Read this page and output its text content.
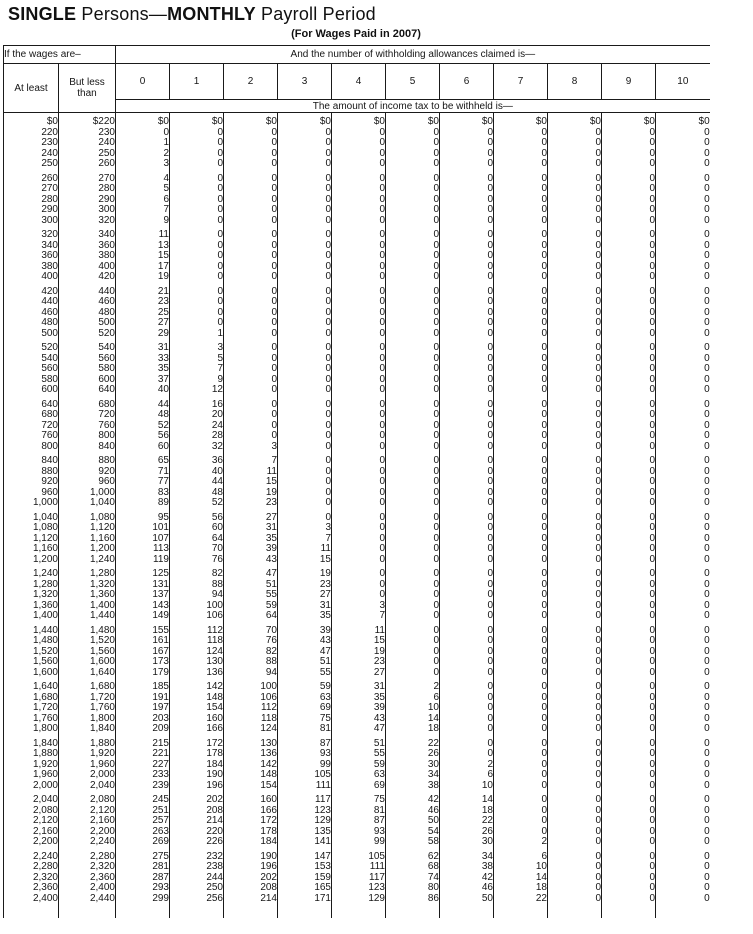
SINGLE Persons—MONTHLY Payroll Period
(For Wages Paid in 2007)
If the wages are–		And the number of withholding allowances claimed is—										
At least	But less than	0	1	2	3	4	5	6	7	8	9	10
		The amount of income tax to be withheld is—										
$0	$220	$0	$0	$0	$0	$0	$0	$0	$0	$0	$0	$0
220	230	0	0	0	0	0	0	0	0	0	0	0
230	240	1	0	0	0	0	0	0	0	0	0	0
240	250	2	0	0	0	0	0	0	0	0	0	0
250	260	3	0	0	0	0	0	0	0	0	0	0
260	270	4	0	0	0	0	0	0	0	0	0	0
270	280	5	0	0	0	0	0	0	0	0	0	0
280	290	6	0	0	0	0	0	0	0	0	0	0
290	300	7	0	0	0	0	0	0	0	0	0	0
300	320	9	0	0	0	0	0	0	0	0	0	0
320	340	11	0	0	0	0	0	0	0	0	0	0
340	360	13	0	0	0	0	0	0	0	0	0	0
360	380	15	0	0	0	0	0	0	0	0	0	0
380	400	17	0	0	0	0	0	0	0	0	0	0
400	420	19	0	0	0	0	0	0	0	0	0	0
420	440	21	0	0	0	0	0	0	0	0	0	0
440	460	23	0	0	0	0	0	0	0	0	0	0
460	480	25	0	0	0	0	0	0	0	0	0	0
480	500	27	0	0	0	0	0	0	0	0	0	0
500	520	29	1	0	0	0	0	0	0	0	0	0
520	540	31	3	0	0	0	0	0	0	0	0	0
540	560	33	5	0	0	0	0	0	0	0	0	0
560	580	35	7	0	0	0	0	0	0	0	0	0
580	600	37	9	0	0	0	0	0	0	0	0	0
600	640	40	12	0	0	0	0	0	0	0	0	0
640	680	44	16	0	0	0	0	0	0	0	0	0
680	720	48	20	0	0	0	0	0	0	0	0	0
720	760	52	24	0	0	0	0	0	0	0	0	0
760	800	56	28	0	0	0	0	0	0	0	0	0
800	840	60	32	3	0	0	0	0	0	0	0	0
840	880	65	36	7	0	0	0	0	0	0	0	0
880	920	71	40	11	0	0	0	0	0	0	0	0
920	960	77	44	15	0	0	0	0	0	0	0	0
960	1,000	83	48	19	0	0	0	0	0	0	0	0
1,000	1,040	89	52	23	0	0	0	0	0	0	0	0
1,040	1,080	95	56	27	0	0	0	0	0	0	0	0
1,080	1,120	101	60	31	3	0	0	0	0	0	0	0
1,120	1,160	107	64	35	7	0	0	0	0	0	0	0
1,160	1,200	113	70	39	11	0	0	0	0	0	0	0
1,200	1,240	119	76	43	15	0	0	0	0	0	0	0
1,240	1,280	125	82	47	19	0	0	0	0	0	0	0
1,280	1,320	131	88	51	23	0	0	0	0	0	0	0
1,320	1,360	137	94	55	27	0	0	0	0	0	0	0
1,360	1,400	143	100	59	31	3	0	0	0	0	0	0
1,400	1,440	149	106	64	35	7	0	0	0	0	0	0
1,440	1,480	155	112	70	39	11	0	0	0	0	0	0
1,480	1,520	161	118	76	43	15	0	0	0	0	0	0
1,520	1,560	167	124	82	47	19	0	0	0	0	0	0
1,560	1,600	173	130	88	51	23	0	0	0	0	0	0
1,600	1,640	179	136	94	55	27	0	0	0	0	0	0
1,640	1,680	185	142	100	59	31	2	0	0	0	0	0
1,680	1,720	191	148	106	63	35	6	0	0	0	0	0
1,720	1,760	197	154	112	69	39	10	0	0	0	0	0
1,760	1,800	203	160	118	75	43	14	0	0	0	0	0
1,800	1,840	209	166	124	81	47	18	0	0	0	0	0
1,840	1,880	215	172	130	87	51	22	0	0	0	0	0
1,880	1,920	221	178	136	93	55	26	0	0	0	0	0
1,920	1,960	227	184	142	99	59	30	2	0	0	0	0
1,960	2,000	233	190	148	105	63	34	6	0	0	0	0
2,000	2,040	239	196	154	111	69	38	10	0	0	0	0
2,040	2,080	245	202	160	117	75	42	14	0	0	0	0
2,080	2,120	251	208	166	123	81	46	18	0	0	0	0
2,120	2,160	257	214	172	129	87	50	22	0	0	0	0
2,160	2,200	263	220	178	135	93	54	26	0	0	0	0
2,200	2,240	269	226	184	141	99	58	30	2	0	0	0
2,240	2,280	275	232	190	147	105	62	34	6	0	0	0
2,280	2,320	281	238	196	153	111	68	38	10	0	0	0
2,320	2,360	287	244	202	159	117	74	42	14	0	0	0
2,360	2,400	293	250	208	165	123	80	46	18	0	0	0
2,400	2,440	299	256	214	171	129	86	50	22	0	0	0
